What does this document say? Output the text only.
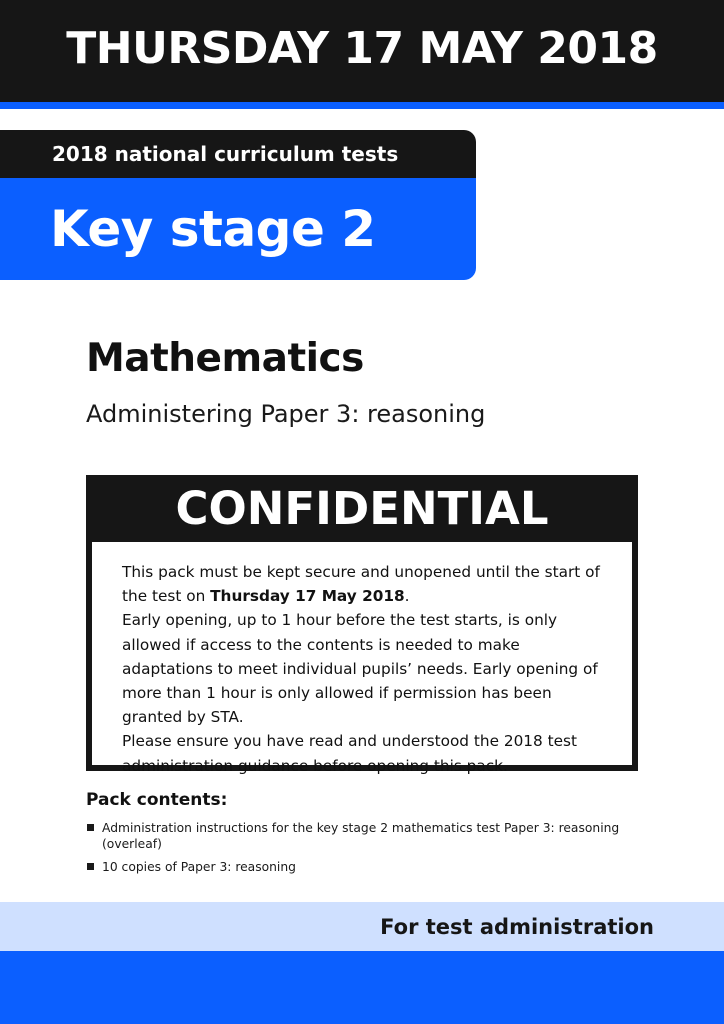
THURSDAY 17 MAY 2018
2018 national curriculum tests
Key stage 2
Mathematics
Administering Paper 3: reasoning
CONFIDENTIAL

This pack must be kept secure and unopened until the start of the test on Thursday 17 May 2018.

Early opening, up to 1 hour before the test starts, is only allowed if access to the contents is needed to make adaptations to meet individual pupils’ needs. Early opening of more than 1 hour is only allowed if permission has been granted by STA.

Please ensure you have read and understood the 2018 test administration guidance before opening this pack.

Pack contents:
Administration instructions for the key stage 2 mathematics test Paper 3: reasoning (overleaf)
10 copies of Paper 3: reasoning
For test administration
